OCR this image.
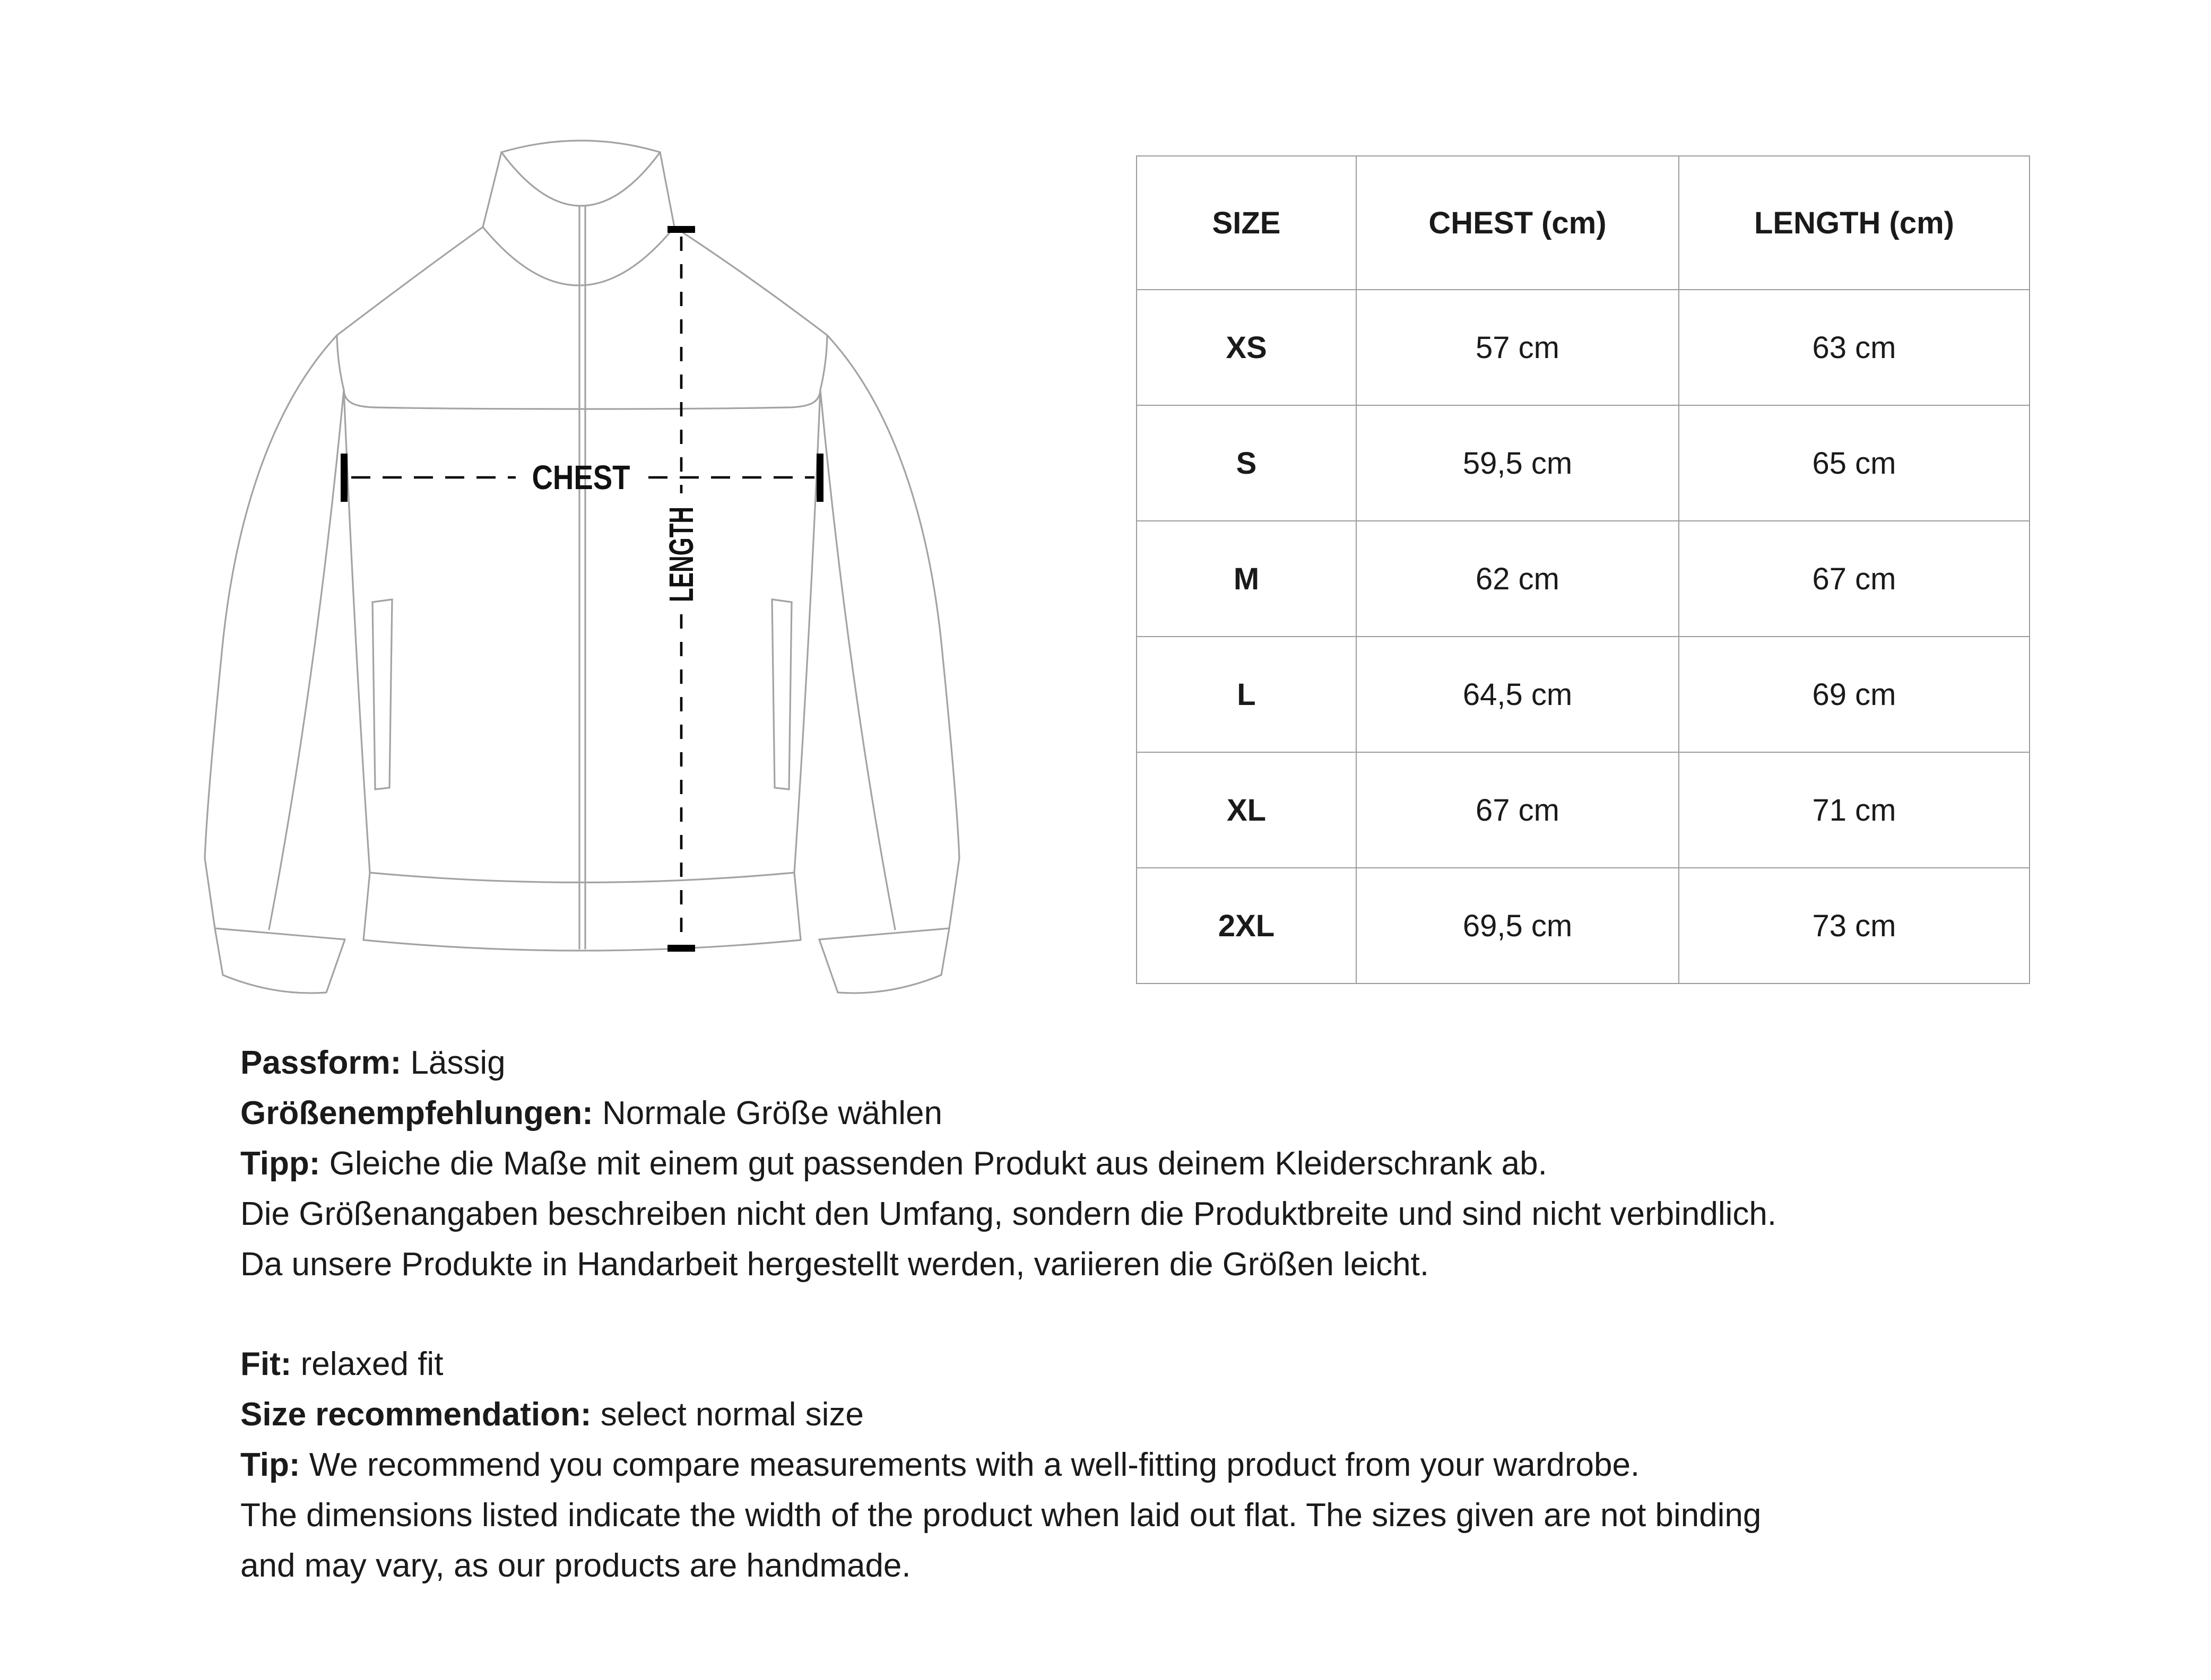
CHEST LENGTH
SIZE	CHEST (cm)	LENGTH (cm)
XS	57 cm	63 cm
S	59,5 cm	65 cm
M	62 cm	67 cm
L	64,5 cm	69 cm
XL	67 cm	71 cm
2XL	69,5 cm	73 cm

Passform: Lässig

Größenempfehlungen: Normale Größe wählen

Tipp: Gleiche die Maße mit einem gut passenden Produkt aus deinem Kleiderschrank ab.

Die Größenangaben beschreiben nicht den Umfang, sondern die Produktbreite und sind nicht verbindlich.

Da unsere Produkte in Handarbeit hergestellt werden, variieren die Größen leicht.

Fit: relaxed fit

Size recommendation: select normal size

Tip: We recommend you compare measurements with a well-fitting product from your wardrobe.

The dimensions listed indicate the width of the product when laid out flat. The sizes given are not binding

and may vary, as our products are handmade.
